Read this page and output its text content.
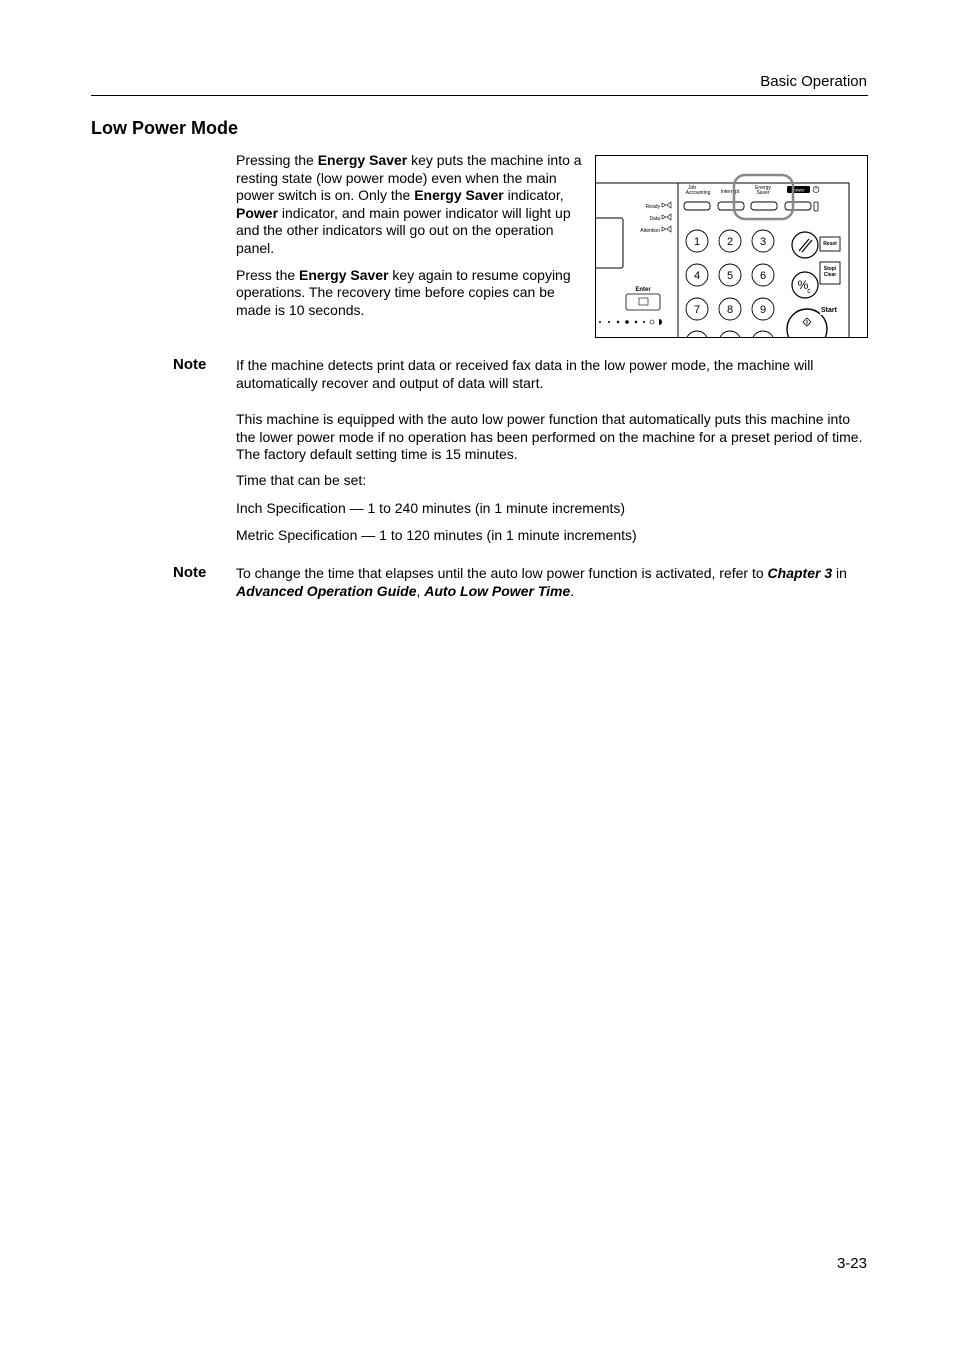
Basic Operation
Low Power Mode

Pressing the Energy Saver key puts the machine into a resting state (low power mode) even when the main power switch is on. Only the Energy Saver indicator, Power indicator, and main power indicator will light up and the other indicators will go out on the operation panel.

Press the Energy Saver key again to resume copying operations. The recovery time before copies can be made is 10 seconds.

Ready
Data
Attention
Enter
Job
Accounting Interrupt
Energy
Saver	Power
1 2 3
4 5 6
7 8 9
Reset
%
c
Stop/
Clear
Start
Note If the machine detects print data or received fax data in the low power mode, the machine will automatically recover and output of data will start.

This machine is equipped with the auto low power function that automatically puts this machine into the lower power mode if no operation has been performed on the machine for a preset period of time. The factory default setting time is 15 minutes.

Time that can be set:

Inch Specification — 1 to 240 minutes (in 1 minute increments)

Metric Specification — 1 to 120 minutes (in 1 minute increments)

Note To change the time that elapses until the auto low power function is activated, refer to Chapter 3 in Advanced Operation Guide, Auto Low Power Time.

3-23
